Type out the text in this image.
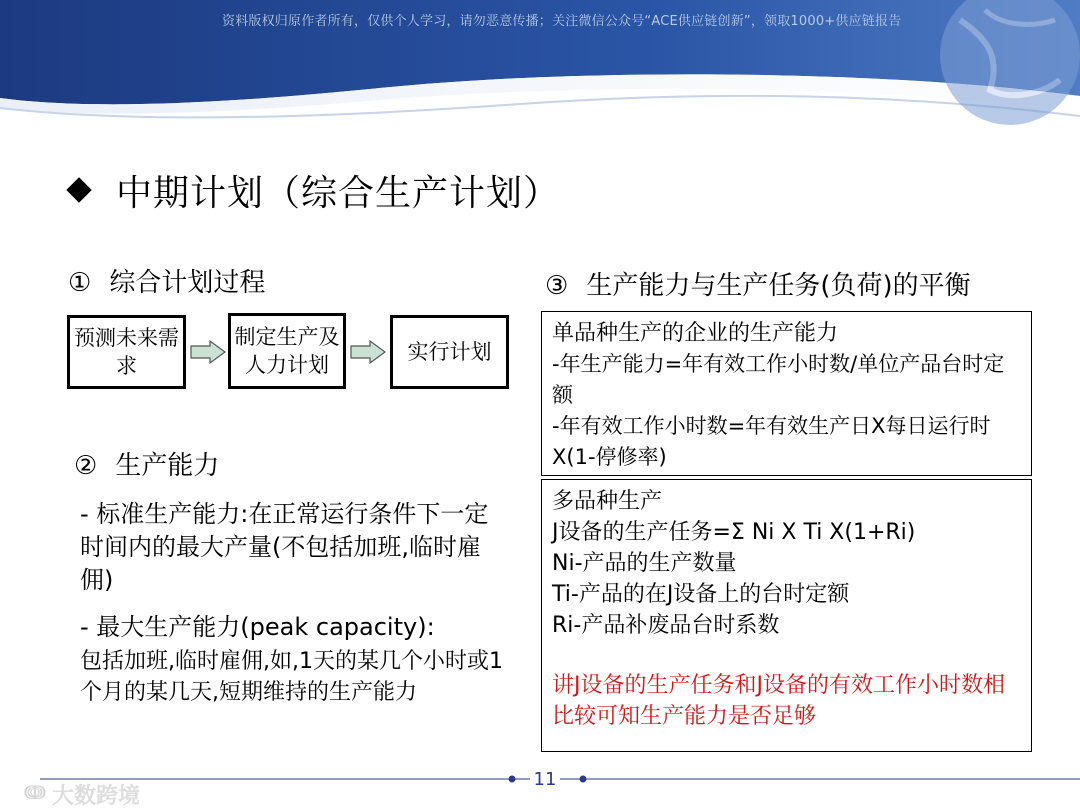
资料版权归原作者所有，仅供个人学习，请勿恶意传播；关注微信公众号“ACE供应链创新”，领取1000+供应链报告
中期计划（综合生产计划）
① 综合计划过程
预测未来需求
制定生产及人力计划
实行计划
② 生产能力
- 标准生产能力:在正常运行条件下一定时间内的最大产量(不包括加班,临时雇佣)
- 最大生产能力(peak capacity):
包括加班,临时雇佣,如,1天的某几个小时或1个月的某几天,短期维持的生产能力
③ 生产能力与生产任务(负荷)的平衡
单品种生产的企业的生产能力
-年生产能力=年有效工作小时数/单位产品台时定额
-年有效工作小时数=年有效生产日X每日运行时X(1-停修率)
多品种生产
J设备的生产任务=Σ Ni X Ti X(1+Ri)
Ni-产品的生产数量
Ti-产品的在J设备上的台时定额
Ri-产品补废品台时系数
讲J设备的生产任务和J设备的有效工作小时数相比较可知生产能力是否足够
11
ↈ 大数跨境
